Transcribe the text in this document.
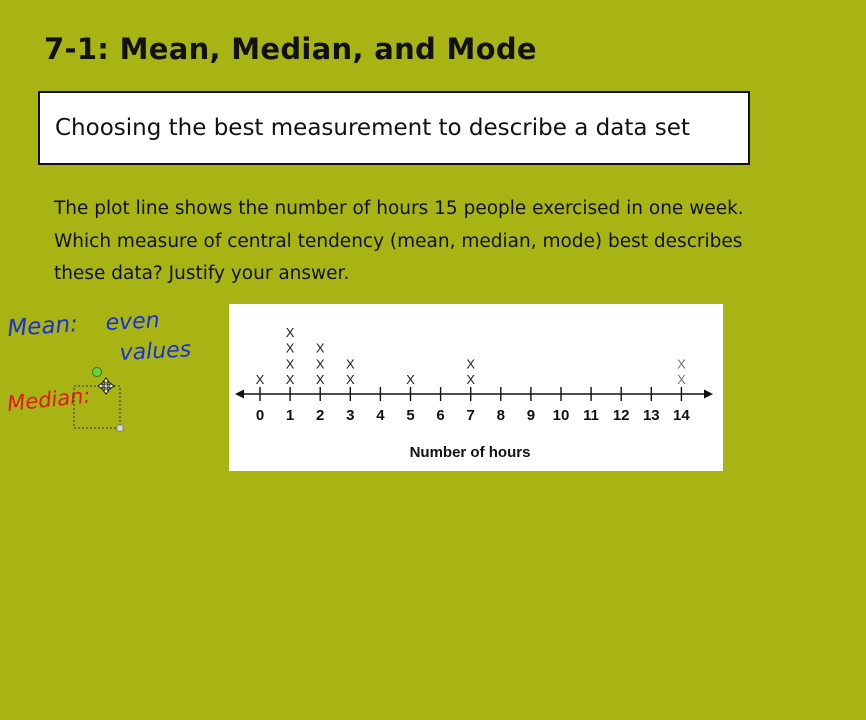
7-1: Mean, Median, and Mode
Choosing the best measurement to describe a data set

The plot line shows the number of hours 15 people exercised in one week. Which measure of central tendency (mean, median, mode) best describes these data? Justify your answer.

0 1 2 3 4 5 6 7 8 9 10 11 12 13 14
X X
X
X
X
X
X
X
X
X
X	X
X
X
X
Number of hours
Mean: even
values
Median:
